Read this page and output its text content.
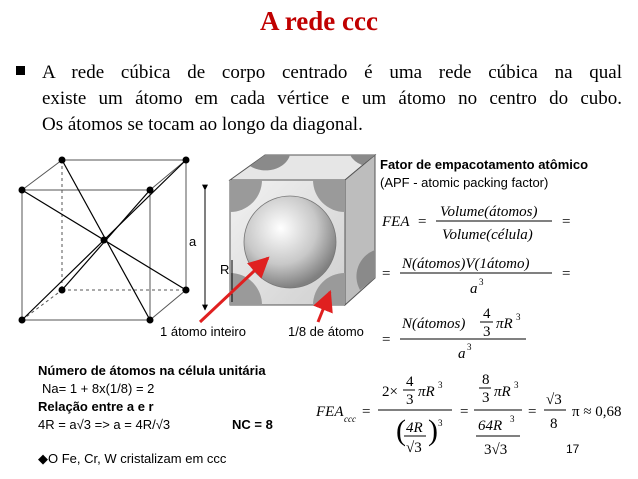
A rede ccc
A rede cúbica de corpo centrado é uma rede cúbica na qual
existe um átomo em cada vértice e um átomo no centro do cubo.
Os átomos se tocam ao longo da diagonal.
a
R
1 átomo inteiro	1/8 de átomo
Fator de empacotamento atômico
(APF - atomic packing factor)
FEA =
Volume(átomos)
Volume(célula)
=
=
N(átomos)V(1átomo)
a 3	=
=
N(átomos)
4
3 πR 3
a 3
FEA ccc =
2×
4
3 πR 3
( 4R
√3
) 3
=
8
3 πR 3
64R 3
3√3
=
√3
8
π ≈ 0,68
Número de átomos na célula unitária
Na= 1 + 8x(1/8) = 2
Relação entre a e r
4R = a√3 => a = 4R/√3	NC = 8
◆O Fe, Cr, W cristalizam em ccc
17
